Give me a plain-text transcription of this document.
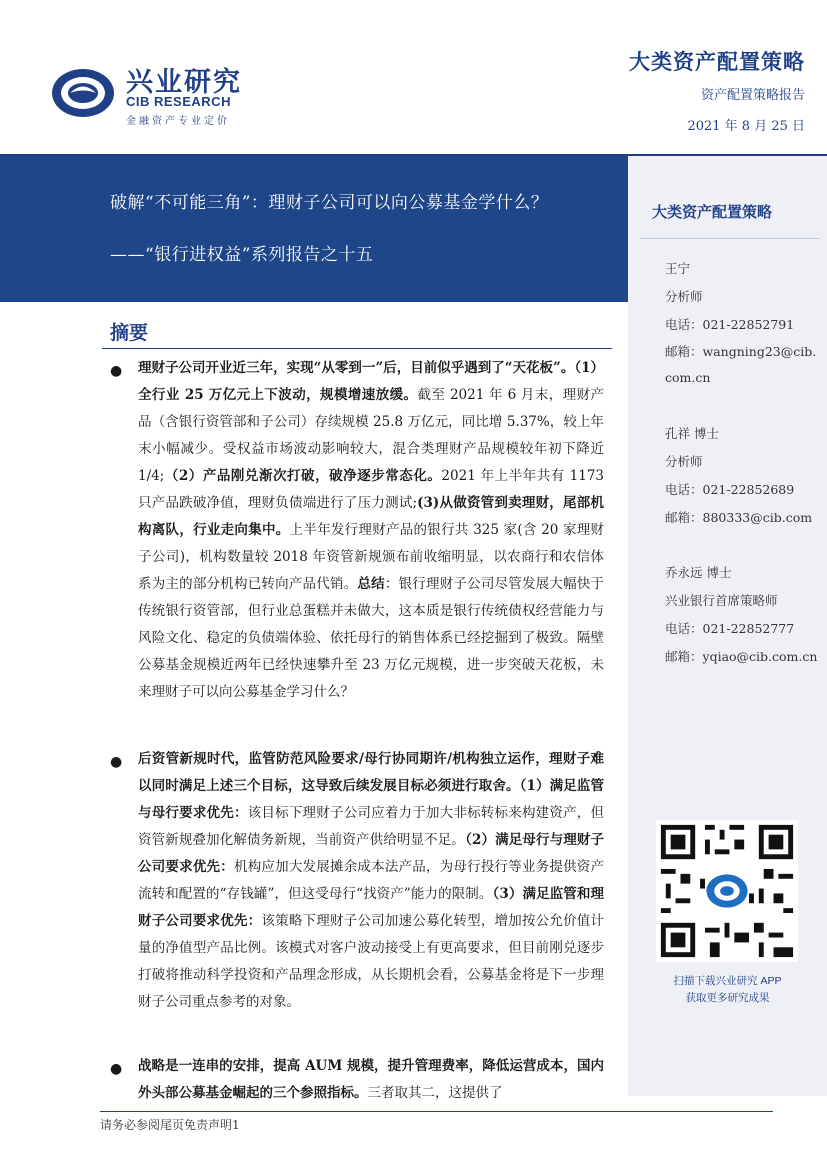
兴业研究
CIB RESEARCH
金融资产专业定价
大类资产配置策略
资产配置策略报告
2021 年 8 月 25 日
破解“不可能三角”：理财子公司可以向公募基金学什么？
——“银行进权益”系列报告之十五
大类资产配置策略
王宁
分析师
电话：021-22852791
邮箱：wangning23@cib.
com.cn
孔祥 博士
分析师
电话：021-22852689
邮箱：880333@cib.com
乔永远 博士
兴业银行首席策略师
电话：021-22852777
邮箱：yqiao@cib.com.cn
扫描下载兴业研究 APP
获取更多研究成果
摘要
● 理财子公司开业近三年，实现“从零到一”后，目前似乎遇到了“天花板”。（1）全行业 25 万亿元上下波动，规模增速放缓。截至 2021 年 6 月末，理财产品（含银行资管部和子公司）存续规模 25.8 万亿元，同比增 5.37%，较上年末小幅减少。受权益市场波动影响较大，混合类理财产品规模较年初下降近 1/4;（2）产品刚兑渐次打破，破净逐步常态化。2021 年上半年共有 1173 只产品跌破净值，理财负债端进行了压力测试;(3)从做资管到卖理财，尾部机构离队，行业走向集中。上半年发行理财产品的银行共 325 家(含 20 家理财子公司)，机构数量较 2018 年资管新规颁布前收缩明显，以农商行和农信体系为主的部分机构已转向产品代销。总结：银行理财子公司尽管发展大幅快于传统银行资管部，但行业总蛋糕并未做大，这本质是银行传统债权经营能力与风险文化、稳定的负债端体验、依托母行的销售体系已经挖掘到了极致。隔壁公募基金规模近两年已经快速攀升至 23 万亿元规模，进一步突破天花板，未来理财子可以向公募基金学习什么？
● 后资管新规时代，监管防范风险要求/母行协同期许/机构独立运作，理财子难以同时满足上述三个目标，这导致后续发展目标必须进行取舍。（1）满足监管与母行要求优先：该目标下理财子公司应着力于加大非标转标来构建资产，但资管新规叠加化解债务新规，当前资产供给明显不足。（2）满足母行与理财子公司要求优先：机构应加大发展摊余成本法产品，为母行投行等业务提供资产流转和配置的“存钱罐”，但这受母行“找资产”能力的限制。（3）满足监管和理财子公司要求优先：该策略下理财子公司加速公募化转型，增加按公允价值计量的净值型产品比例。该模式对客户波动接受上有更高要求，但目前刚兑逐步打破将推动科学投资和产品理念形成，从长期机会看，公募基金将是下一步理财子公司重点参考的对象。
● 战略是一连串的安排，提高 AUM 规模，提升管理费率，降低运营成本，国内外头部公募基金崛起的三个参照指标。三者取其二，这提供了
请务必参阅尾页免责声明1
